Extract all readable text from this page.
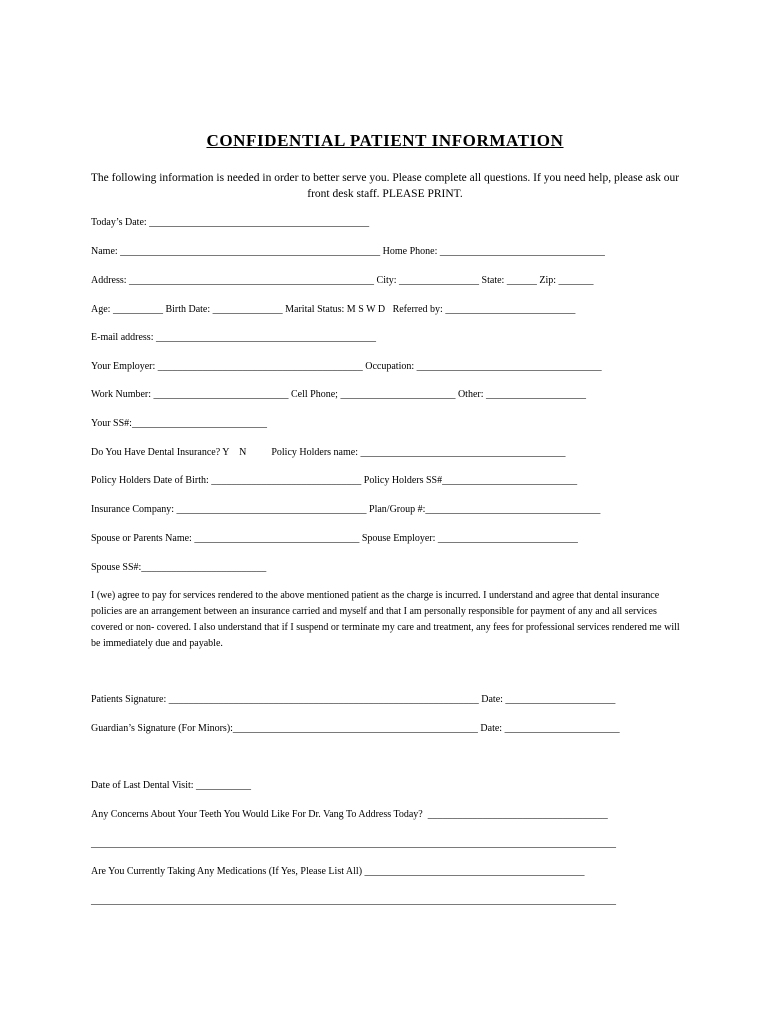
CONFIDENTIAL PATIENT INFORMATION
The following information is needed in order to better serve you. Please complete all questions. If you need help, please ask our front desk staff. PLEASE PRINT.
Today’s Date: ____________________________________________
Name: ____________________________________________________ Home Phone: _________________________________
Address: _________________________________________________ City: ________________ State: ______ Zip: _______
Age: __________ Birth Date: ______________ Marital Status: M S W D   Referred by: __________________________
E-mail address: ____________________________________________
Your Employer: _________________________________________ Occupation: _____________________________________
Work Number: ___________________________ Cell Phone; _______________________ Other: ____________________
Your SS#:___________________________
Do You Have Dental Insurance? Y    N          Policy Holders name: _________________________________________
Policy Holders Date of Birth: ______________________________ Policy Holders SS#___________________________
Insurance Company: ______________________________________ Plan/Group #:___________________________________
Spouse or Parents Name: _________________________________ Spouse Employer: ____________________________
Spouse SS#:_________________________
I (we) agree to pay for services rendered to the above mentioned patient as the charge is incurred. I understand and agree that dental insurance policies are an arrangement between an insurance carried and myself and that I am personally responsible for payment of any and all services covered or non- covered. I also understand that if I suspend or terminate my care and treatment, any fees for professional services rendered me will be immediately due and payable.
Patients Signature: ______________________________________________________________ Date: ______________________
Guardian’s Signature (For Minors):_________________________________________________ Date: _______________________
Date of Last Dental Visit: ___________
Any Concerns About Your Teeth You Would Like For Dr. Vang To Address Today?  ____________________________________
_________________________________________________________________________________________________________
Are You Currently Taking Any Medications (If Yes, Please List All) ____________________________________________
_________________________________________________________________________________________________________
